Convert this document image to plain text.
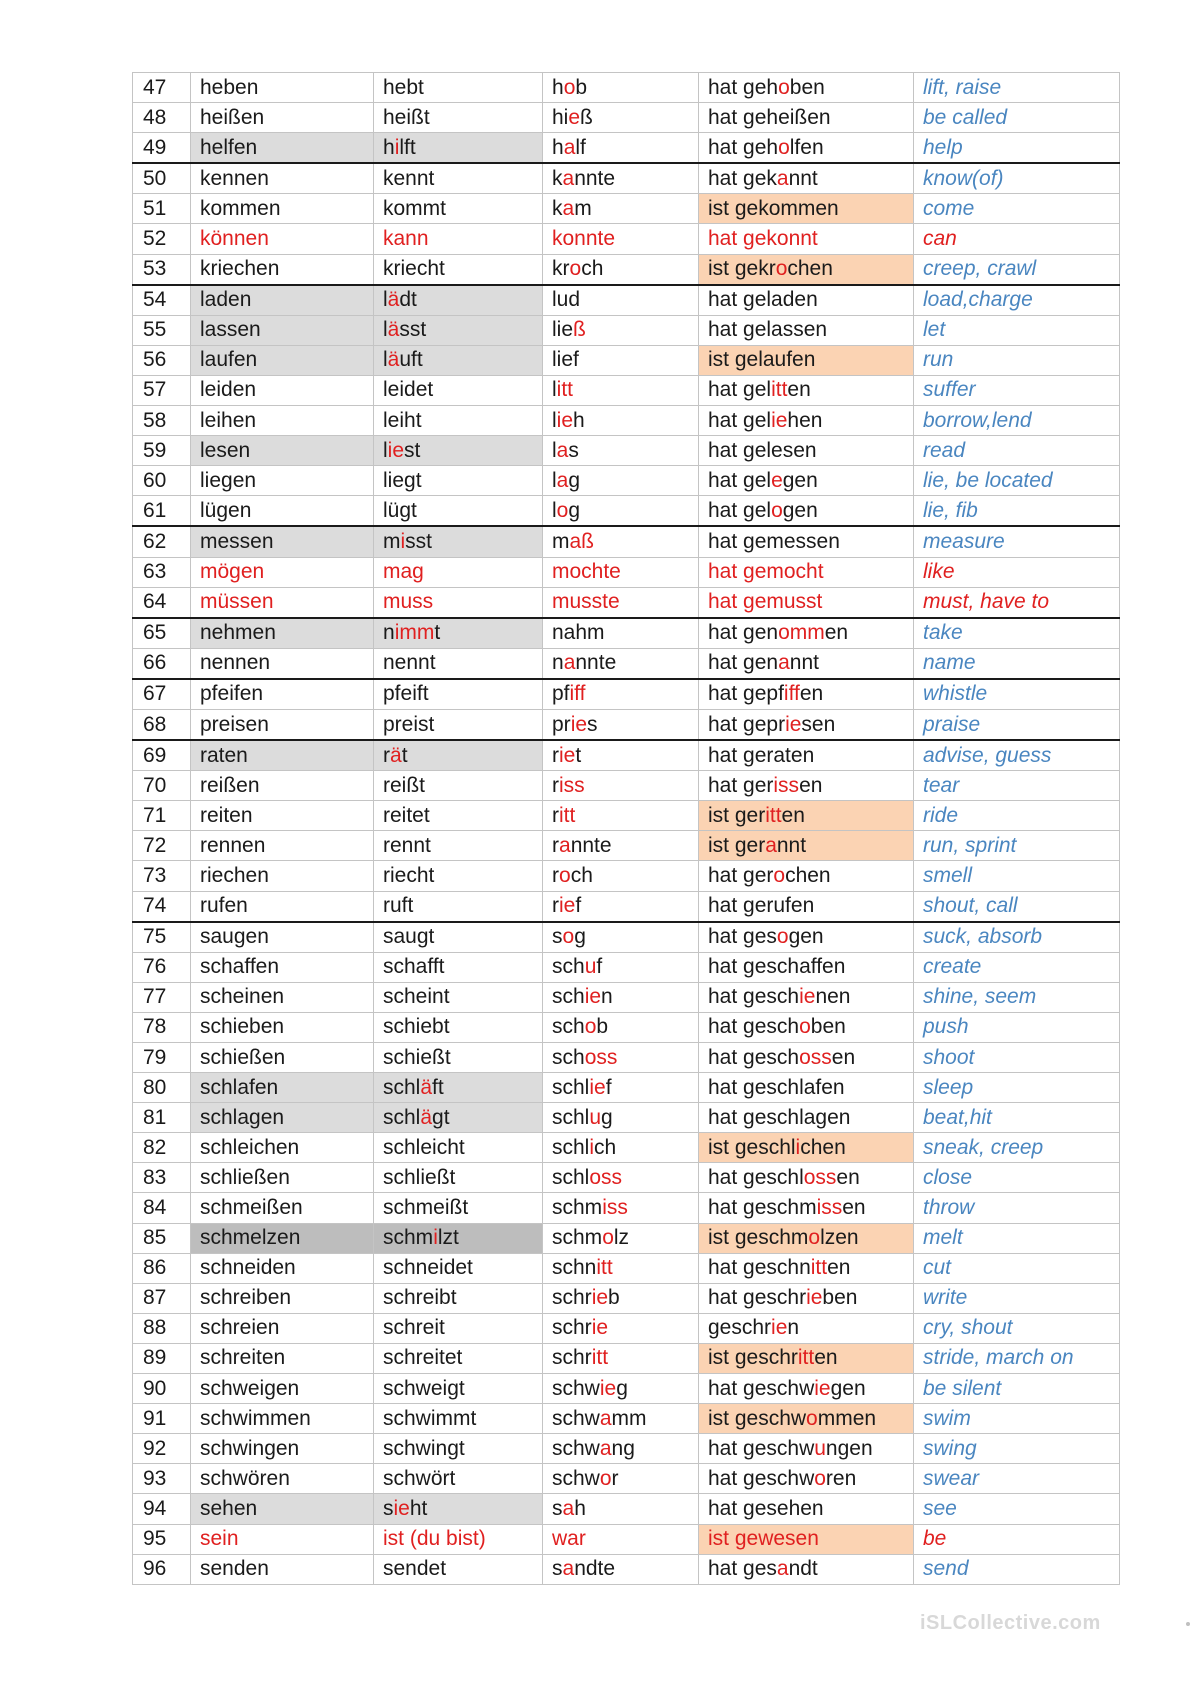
47	heben	hebt	hob	hat gehoben	lift, raise
48	heißen	heißt	hieß	hat geheißen	be called
49	helfen	hilft	half	hat geholfen	help
50	kennen	kennt	kannte	hat gekannt	know(of)
51	kommen	kommt	kam	ist gekommen	come
52	können	kann	konnte	hat gekonnt	can
53	kriechen	kriecht	kroch	ist gekrochen	creep, crawl
54	laden	lädt	lud	hat geladen	load,charge
55	lassen	lässt	ließ	hat gelassen	let
56	laufen	läuft	lief	ist gelaufen	run
57	leiden	leidet	litt	hat gelitten	suffer
58	leihen	leiht	lieh	hat geliehen	borrow,lend
59	lesen	liest	las	hat gelesen	read
60	liegen	liegt	lag	hat gelegen	lie, be located
61	lügen	lügt	log	hat gelogen	lie, fib
62	messen	misst	maß	hat gemessen	measure
63	mögen	mag	mochte	hat gemocht	like
64	müssen	muss	musste	hat gemusst	must, have to
65	nehmen	nimmt	nahm	hat genommen	take
66	nennen	nennt	nannte	hat genannt	name
67	pfeifen	pfeift	pfiff	hat gepfiffen	whistle
68	preisen	preist	pries	hat gepriesen	praise
69	raten	rät	riet	hat geraten	advise, guess
70	reißen	reißt	riss	hat gerissen	tear
71	reiten	reitet	ritt	ist geritten	ride
72	rennen	rennt	rannte	ist gerannt	run, sprint
73	riechen	riecht	roch	hat gerochen	smell
74	rufen	ruft	rief	hat gerufen	shout, call
75	saugen	saugt	sog	hat gesogen	suck, absorb
76	schaffen	schafft	schuf	hat geschaffen	create
77	scheinen	scheint	schien	hat geschienen	shine, seem
78	schieben	schiebt	schob	hat geschoben	push
79	schießen	schießt	schoss	hat geschossen	shoot
80	schlafen	schläft	schlief	hat geschlafen	sleep
81	schlagen	schlägt	schlug	hat geschlagen	beat,hit
82	schleichen	schleicht	schlich	ist geschlichen	sneak, creep
83	schließen	schließt	schloss	hat geschlossen	close
84	schmeißen	schmeißt	schmiss	hat geschmissen	throw
85	schmelzen	schmilzt	schmolz	ist geschmolzen	melt
86	schneiden	schneidet	schnitt	hat geschnitten	cut
87	schreiben	schreibt	schrieb	hat geschrieben	write
88	schreien	schreit	schrie	geschrien	cry, shout
89	schreiten	schreitet	schritt	ist geschritten	stride, march on
90	schweigen	schweigt	schwieg	hat geschwiegen	be silent
91	schwimmen	schwimmt	schwamm	ist geschwommen	swim
92	schwingen	schwingt	schwang	hat geschwungen	swing
93	schwören	schwört	schwor	hat geschworen	swear
94	sehen	sieht	sah	hat gesehen	see
95	sein	ist (du bist)	war	ist gewesen	be
96	senden	sendet	sandte	hat gesandt	send
iSLCollective.com
